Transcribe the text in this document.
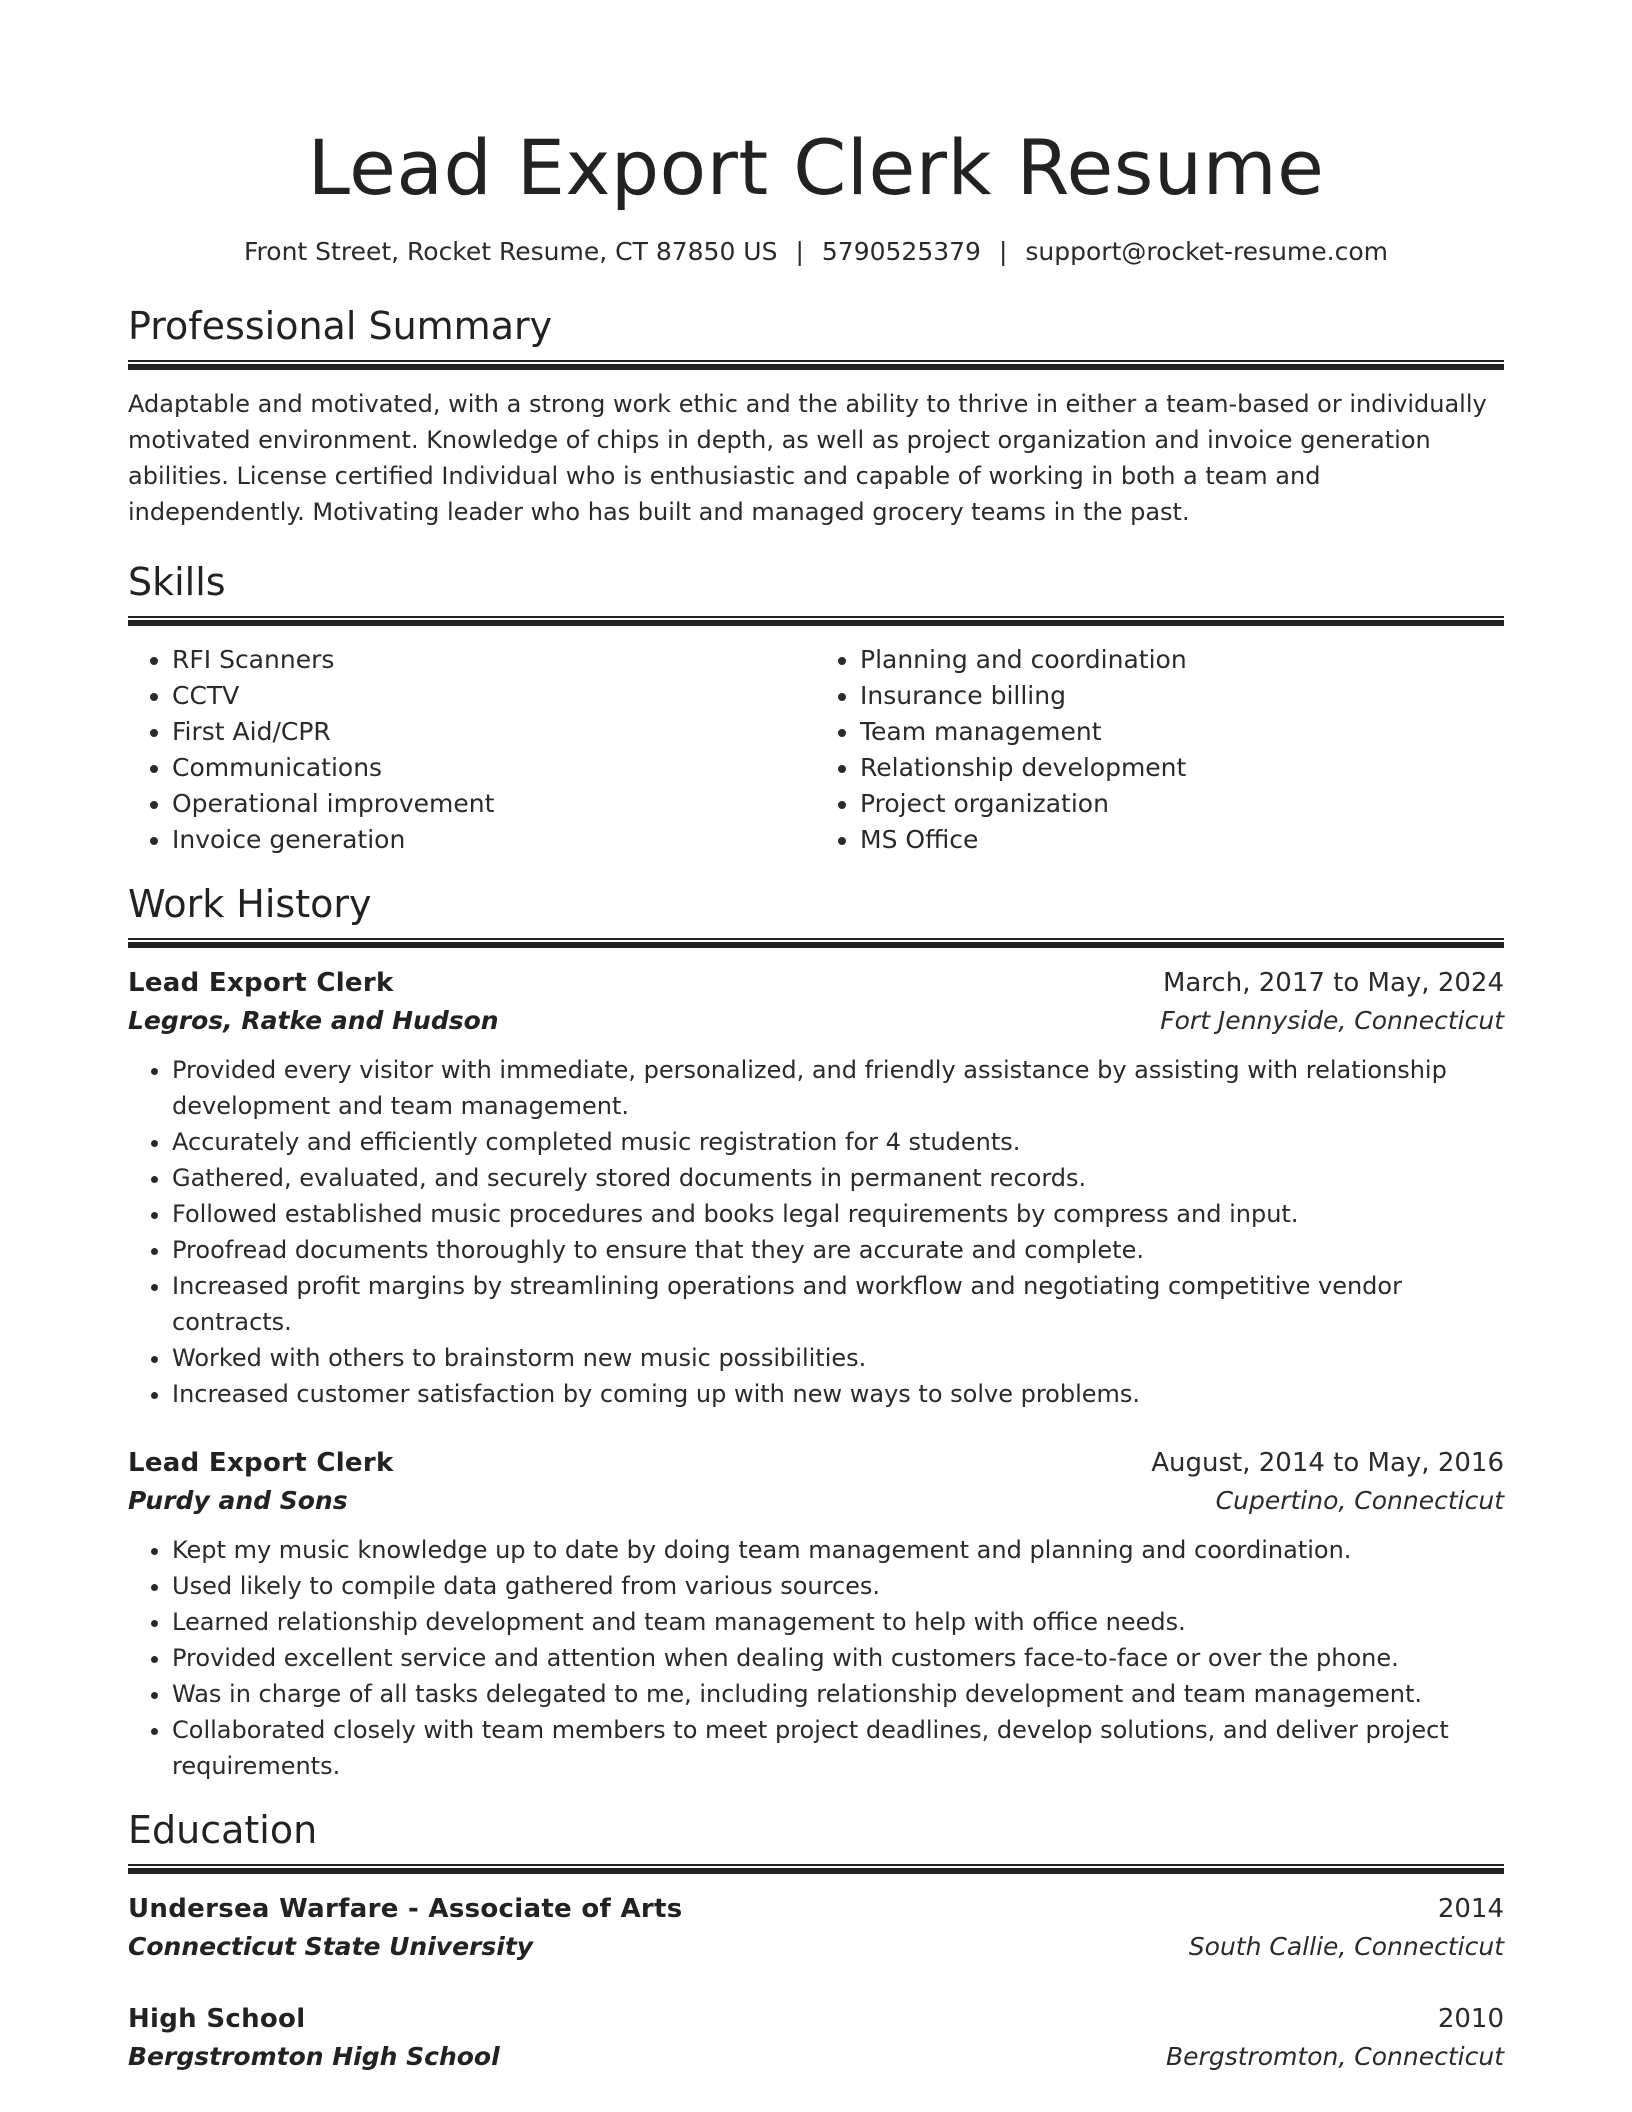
Lead Export Clerk Resume
Front Street, Rocket Resume, CT 87850 US | 5790525379 | support@rocket-resume.com
Professional Summary

Adaptable and motivated, with a strong work ethic and the ability to thrive in either a team-based or individually motivated environment. Knowledge of chips in depth, as well as project organization and invoice generation abilities. License certified Individual who is enthusiastic and capable of working in both a team and independently. Motivating leader who has built and managed grocery teams in the past.

Skills
• RFI Scanners
• CCTV
• First Aid/CPR
• Communications
• Operational improvement
• Invoice generation
• Planning and coordination
• Insurance billing
• Team management
• Relationship development
• Project organization
• MS Office
Work History
Lead Export Clerk	March, 2017 to May, 2024
Legros, Ratke and Hudson	Fort Jennyside, Connecticut
• Provided every visitor with immediate, personalized, and friendly assistance by assisting with relationship development and team management.
• Accurately and efficiently completed music registration for 4 students.
• Gathered, evaluated, and securely stored documents in permanent records.
• Followed established music procedures and books legal requirements by compress and input.
• Proofread documents thoroughly to ensure that they are accurate and complete.
• Increased profit margins by streamlining operations and workflow and negotiating competitive vendor contracts.
• Worked with others to brainstorm new music possibilities.
• Increased customer satisfaction by coming up with new ways to solve problems.
Lead Export Clerk	August, 2014 to May, 2016
Purdy and Sons	Cupertino, Connecticut
• Kept my music knowledge up to date by doing team management and planning and coordination.
• Used likely to compile data gathered from various sources.
• Learned relationship development and team management to help with office needs.
• Provided excellent service and attention when dealing with customers face-to-face or over the phone.
• Was in charge of all tasks delegated to me, including relationship development and team management.
• Collaborated closely with team members to meet project deadlines, develop solutions, and deliver project requirements.
Education
Undersea Warfare - Associate of Arts	2014
Connecticut State University	South Callie, Connecticut
High School	2010
Bergstromton High School	Bergstromton, Connecticut
